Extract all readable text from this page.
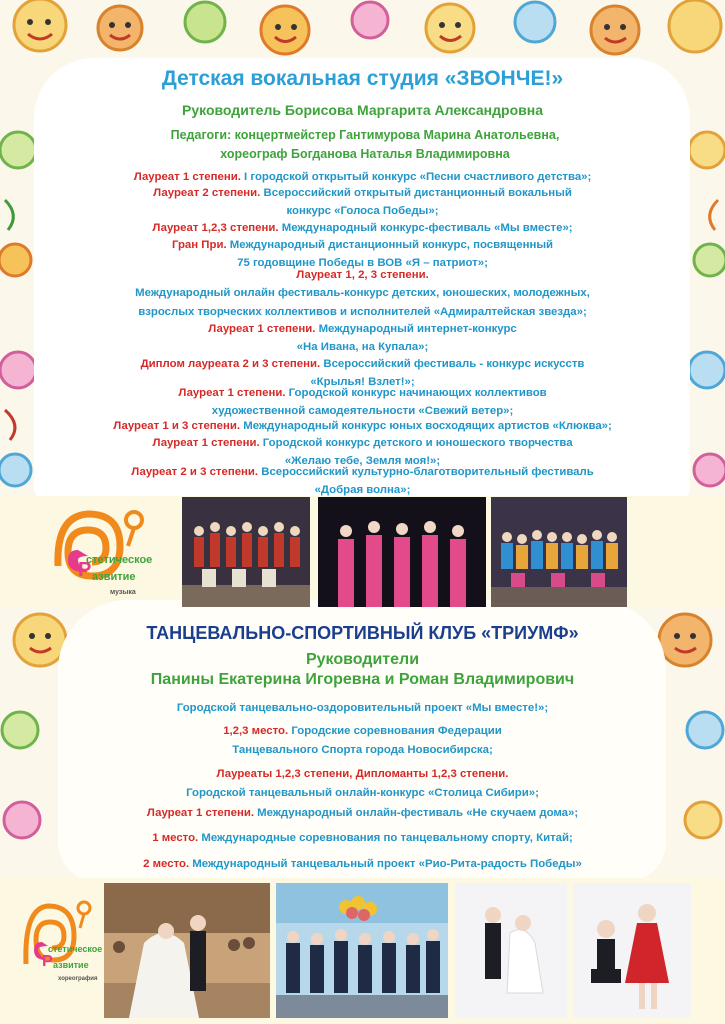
Детская вокальная студия «ЗВОНЧЕ!»
Руководитель Борисова Маргарита Александровна
Педагоги: концертмейстер Гантимурова Марина Анатольевна,
хореограф Богданова Наталья Владимировна
Лауреат 1 степени. I городской открытый конкурс «Песни счастливого детства»;
Лауреат 2 степени. Всероссийский открытый дистанционный вокальный
конкурс «Голоса Победы»;
Лауреат 1,2,3 степени. Международный конкурс-фестиваль «Мы вместе»;
Гран При. Международный дистанционный конкурс, посвященный
75 годовщине Победы в ВОВ «Я – патриот»;
Лауреат 1, 2, 3 степени.
Международный онлайн фестиваль-конкурс детских, юношеских, молодежных,
взрослых творческих коллективов и исполнителей «Адмиралтейская звезда»;
Лауреат 1 степени. Международный интернет-конкурс
«На Ивана, на Купала»;
Диплом лауреата 2 и 3 степени. Всероссийский фестиваль - конкурс искусств
«Крылья! Взлет!»;
Лауреат 1 степени. Городской конкурс начинающих коллективов
художественной самодеятельности «Свежий ветер»;
Лауреат 1 и 3 степени. Международный конкурс юных восходящих артистов «Клюква»;
Лауреат 1 степени. Городской конкурс детского и юношеского творчества
«Желаю тебе, Земля моя!»;
Лауреат 2 и 3 степени. Всероссийский культурно-благотворительный фестиваль
«Добрая волна»;
стетическое
Р азвитие
музыка
ТАНЦЕВАЛЬНО-СПОРТИВНЫЙ КЛУБ «ТРИУМФ»
Руководители
Панины Екатерина Игоревна и Роман Владимирович
Городской танцевально-оздоровительный проект «Мы вместе!»;
1,2,3 место. Городские соревнования Федерации
Танцевального Спорта города Новосибирска;
Лауреаты 1,2,3 степени, Дипломанты 1,2,3 степени.
Городской танцевальный онлайн-конкурс «Столица Сибири»;
Лауреат 1 степени. Международный онлайн-фестиваль «Не скучаем дома»;
1 место. Международные соревнования по танцевальному спорту, Китай;
2 место. Международный танцевальный проект «Рио-Рита-радость Победы»
стетическое
Р азвитие
хореография
